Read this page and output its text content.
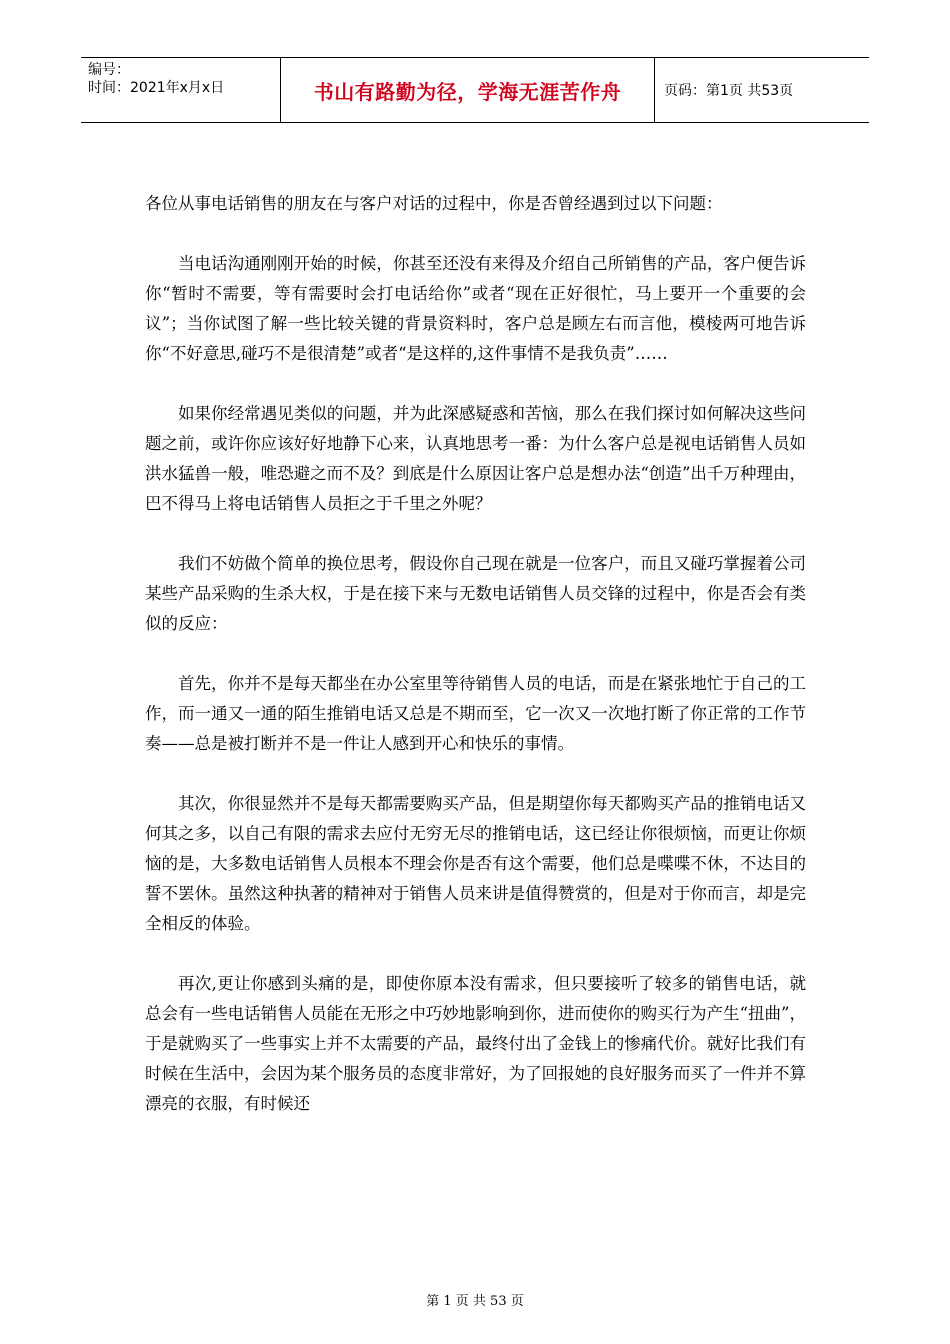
编号：
时间：2021年x月x日	书山有路勤为径，学海无涯苦作舟	页码：第1页 共53页

各位从事电话销售的朋友在与客户对话的过程中，你是否曾经遇到过以下问题：

当电话沟通刚刚开始的时候，你甚至还没有来得及介绍自己所销售的产品，客户便告诉你“暂时不需要，等有需要时会打电话给你”或者“现在正好很忙，马上要开一个重要的会议”；当你试图了解一些比较关键的背景资料时，客户总是顾左右而言他，模棱两可地告诉你“不好意思,碰巧不是很清楚”或者“是这样的,这件事情不是我负责”……

如果你经常遇见类似的问题，并为此深感疑惑和苦恼，那么在我们探讨如何解决这些问题之前，或许你应该好好地静下心来，认真地思考一番：为什么客户总是视电话销售人员如洪水猛兽一般，唯恐避之而不及？到底是什么原因让客户总是想办法“创造”出千万种理由，巴不得马上将电话销售人员拒之于千里之外呢？

我们不妨做个简单的换位思考，假设你自己现在就是一位客户，而且又碰巧掌握着公司某些产品采购的生杀大权，于是在接下来与无数电话销售人员交锋的过程中，你是否会有类似的反应：

首先，你并不是每天都坐在办公室里等待销售人员的电话，而是在紧张地忙于自己的工作，而一通又一通的陌生推销电话又总是不期而至，它一次又一次地打断了你正常的工作节奏——总是被打断并不是一件让人感到开心和快乐的事情。

其次，你很显然并不是每天都需要购买产品，但是期望你每天都购买产品的推销电话又何其之多，以自己有限的需求去应付无穷无尽的推销电话，这已经让你很烦恼，而更让你烦恼的是，大多数电话销售人员根本不理会你是否有这个需要，他们总是喋喋不休，不达目的誓不罢休。虽然这种执著的精神对于销售人员来讲是值得赞赏的，但是对于你而言，却是完全相反的体验。

再次,更让你感到头痛的是，即使你原本没有需求，但只要接听了较多的销售电话，就总会有一些电话销售人员能在无形之中巧妙地影响到你，进而使你的购买行为产生“扭曲”，于是就购买了一些事实上并不太需要的产品，最终付出了金钱上的惨痛代价。就好比我们有时候在生活中，会因为某个服务员的态度非常好，为了回报她的良好服务而买了一件并不算漂亮的衣服，有时候还

第 1 页 共 53 页
